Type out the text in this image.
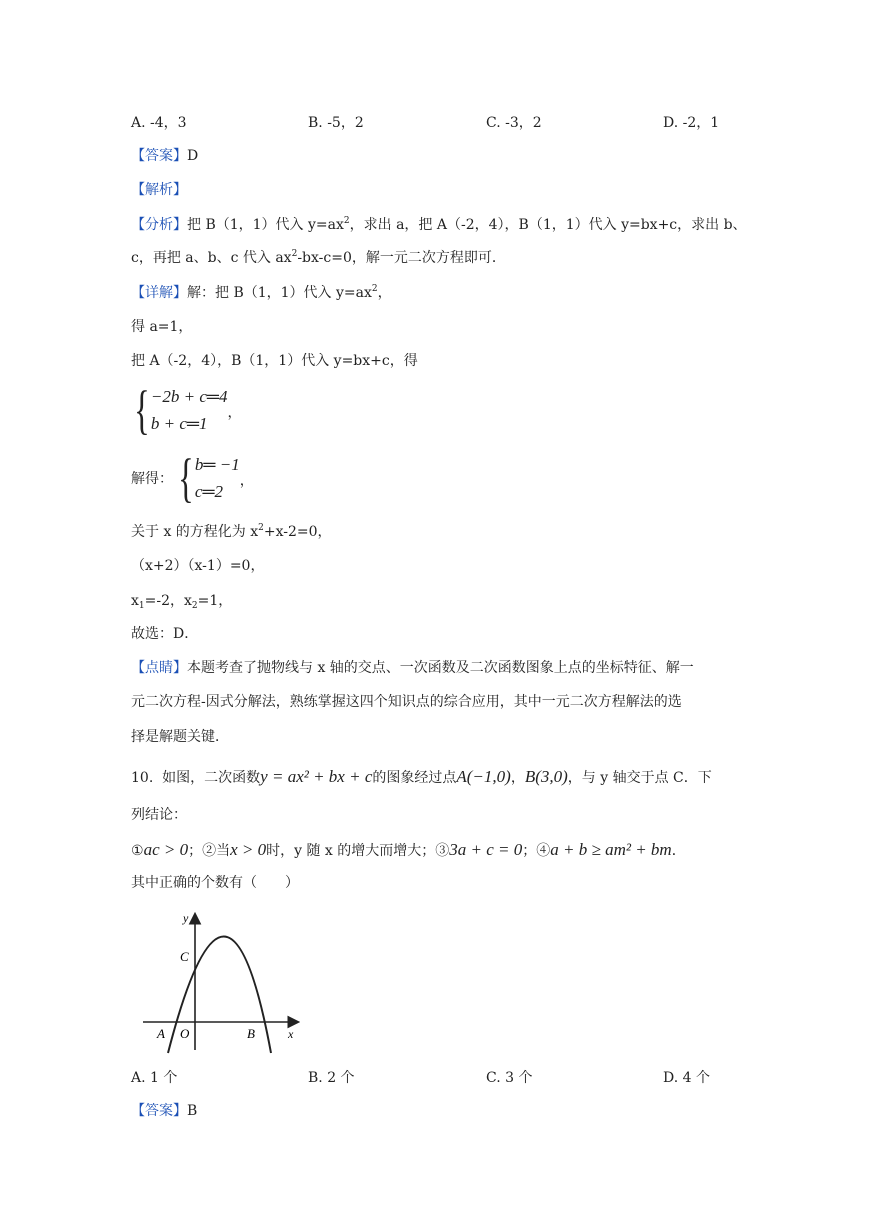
A. -4，3	B. -5，2	C. -3，2	D. -2，1
【答案】D
【解析】
【分析】把 B（1，1）代入 $y=ax^2$，求出 a，把 A（-2，4），B（1，1）代入 y=bx+c，求出 b、
c，再把 a、b、c 代入 $ax^2-bx-c=0$，解一元二次方程即可．
【详解】解：把 B（1，1）代入 $y=ax^2$，
得 a=1，
把 A（-2，4），B（1，1）代入 y=bx+c，得
{ −2b + c═4
b + c═1
，
解得： { b═ −1
c═2
，
关于 x 的方程化为 $x^2+x-2=0$，
（x+2）（x-1）=0，
$x_1=-2$，$x_2=1$，
故选：D．
【点睛】本题考查了抛物线与 x 轴的交点、一次函数及二次函数图象上点的坐标特征、解一
元二次方程-因式分解法，熟练掌握这四个知识点的综合应用，其中一元二次方程解法的选
择是解题关键．
10. 如图，二次函数y = ax² + bx + c的图象经过点A(−1,0)，B(3,0)，与 y 轴交于点 C．下
列结论：
①ac > 0；②当x > 0时，y 随 x 的增大而增大；③3a + c = 0；④a + b ≥ am² + bm．
其中正确的个数有（　　）
y
x
C
A O	B
A. 1 个	B. 2 个	C. 3 个	D. 4 个
【答案】B
